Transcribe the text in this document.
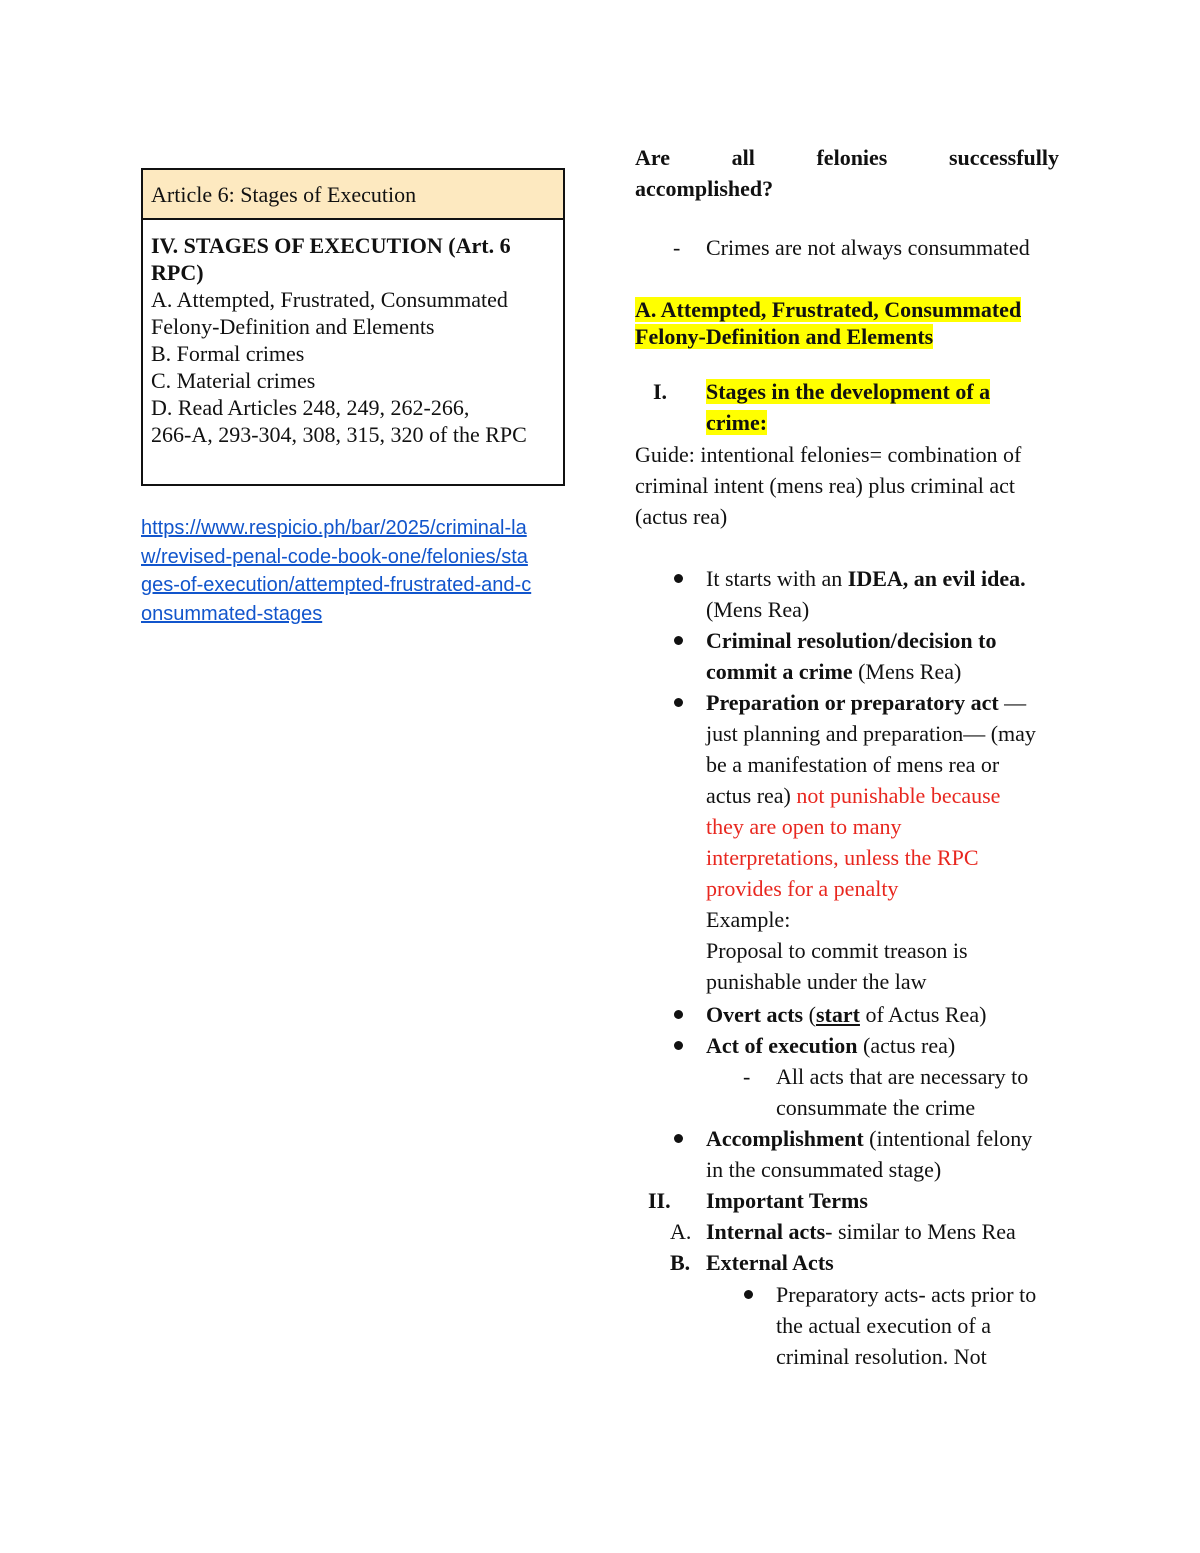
Article 6: Stages of Execution
IV. STAGES OF EXECUTION (Art. 6
RPC)
A. Attempted, Frustrated, Consummated
Felony-Definition and Elements
B. Formal crimes
C. Material crimes
D. Read Articles 248, 249, 262-266,
266-A, 293-304, 308, 315, 320 of the RPC
https://www.respicio.ph/bar/2025/criminal-la
w/revised-penal-code-book-one/felonies/sta
ges-of-execution/attempted-frustrated-and-c
onsummated-stages
Are	all	felonies	successfully
accomplished?
- Crimes are not always consummated
A. Attempted, Frustrated, Consummated
Felony-Definition and Elements
I. Stages in the development of a
crime:
Guide: intentional felonies= combination of
criminal intent (mens rea) plus criminal act
(actus rea)
It starts with an IDEA, an evil idea.
(Mens Rea)
Criminal resolution/decision to
commit a crime (Mens Rea)
Preparation or preparatory act —
just planning and preparation— (may
be a manifestation of mens rea or
actus rea) not punishable because
they are open to many
interpretations, unless the RPC
provides for a penalty
Example:
Proposal to commit treason is
punishable under the law
Overt acts (start of Actus Rea)
Act of execution (actus rea)
- All acts that are necessary to
consummate the crime
Accomplishment (intentional felony
in the consummated stage)
II. Important Terms
A. Internal acts- similar to Mens Rea
B. External Acts
Preparatory acts- acts prior to
the actual execution of a
criminal resolution. Not
